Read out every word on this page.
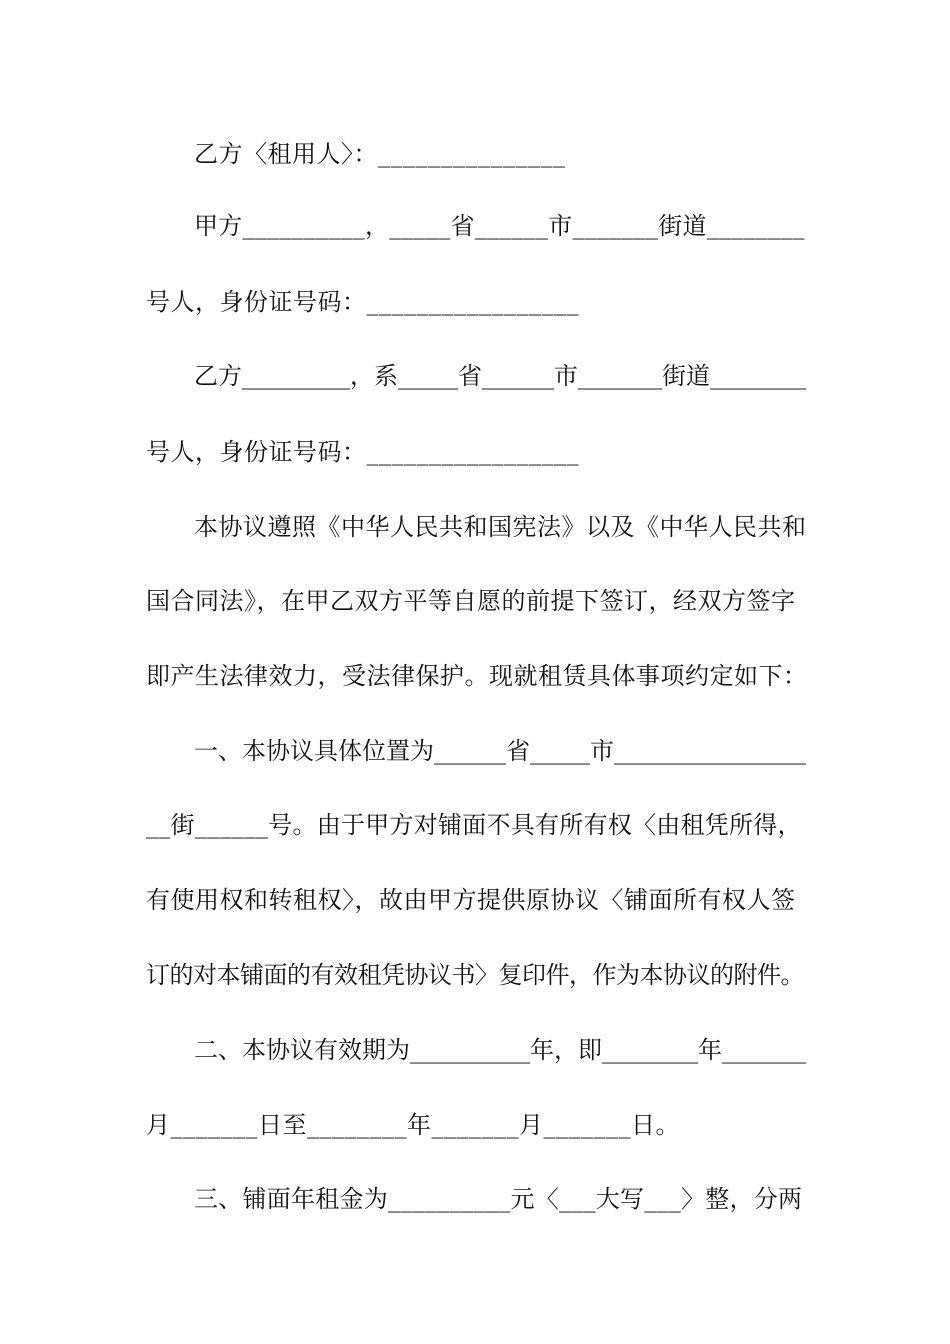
乙方〈租用人〉：_______________
甲方__________，_____省______市_______街道________
号人，身份证号码：_________________
乙方_________，系_____省______市_______街道________
号人，身份证号码：_________________
本协议遵照《中华人民共和国宪法》以及《中华人民共和
国合同法》，在甲乙双方平等自愿的前提下签订，经双方签字
即产生法律效力，受法律保护。现就租赁具体事项约定如下：
一、本协议具体位置为______省_____市________________
__街______号。由于甲方对铺面不具有所有权〈由租凭所得，
有使用权和转租权〉，故由甲方提供原协议〈铺面所有权人签
订的对本铺面的有效租凭协议书〉复印件，作为本协议的附件。
二、本协议有效期为__________年，即________年_______
月_______日至________年_______月_______日。
三、铺面年租金为__________元〈___大写___〉整，分两
